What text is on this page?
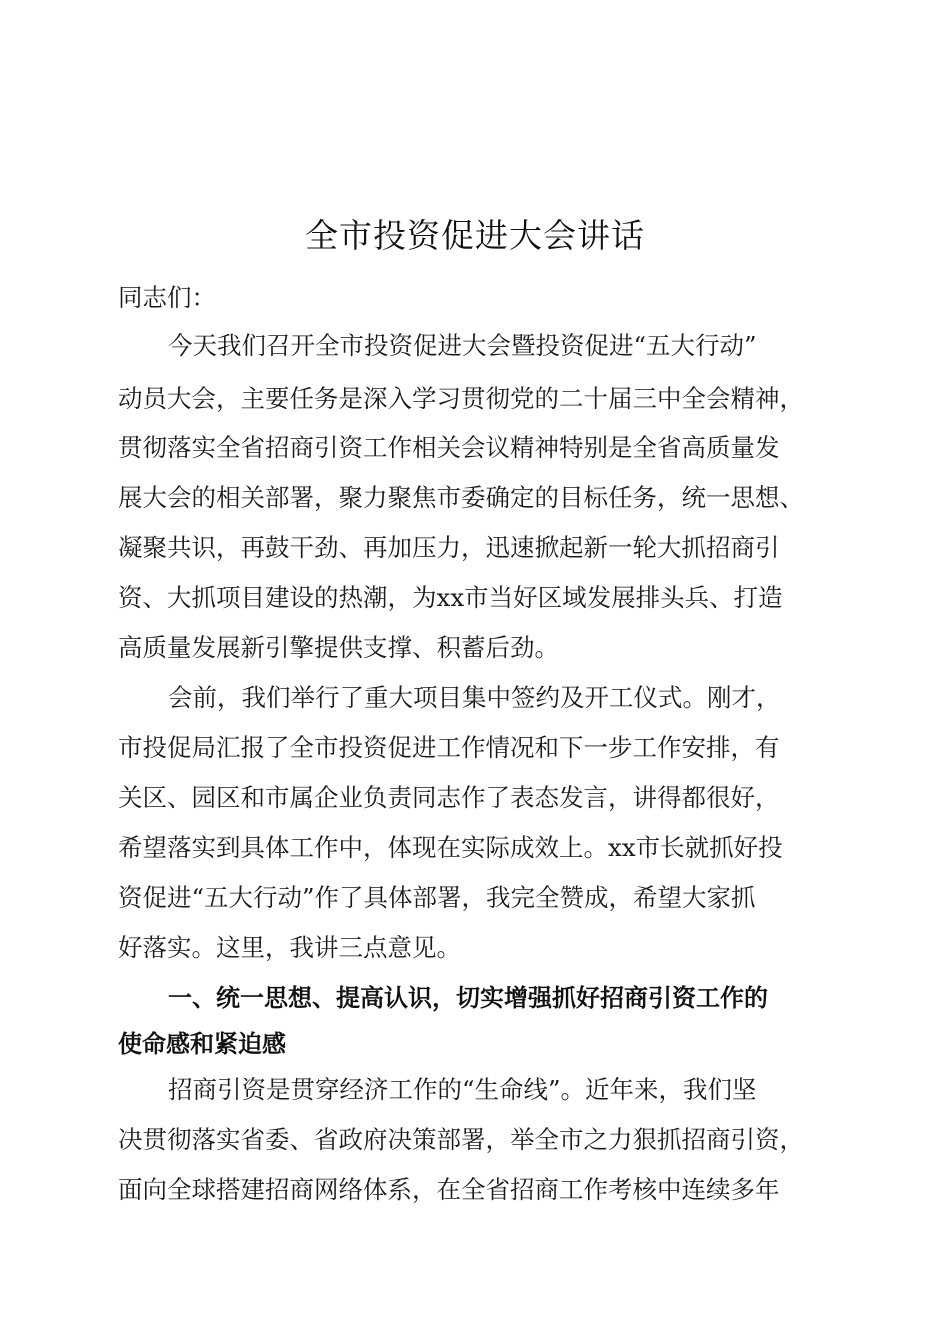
全市投资促进大会讲话
同志们：
今天我们召开全市投资促进大会暨投资促进“五大行动”
动员大会，主要任务是深入学习贯彻党的二十届三中全会精神，
贯彻落实全省招商引资工作相关会议精神特别是全省高质量发
展大会的相关部署，聚力聚焦市委确定的目标任务，统一思想、
凝聚共识，再鼓干劲、再加压力，迅速掀起新一轮大抓招商引
资、大抓项目建设的热潮，为xx市当好区域发展排头兵、打造
高质量发展新引擎提供支撑、积蓄后劲。
会前，我们举行了重大项目集中签约及开工仪式。刚才，
市投促局汇报了全市投资促进工作情况和下一步工作安排，有
关区、园区和市属企业负责同志作了表态发言，讲得都很好，
希望落实到具体工作中，体现在实际成效上。xx市长就抓好投
资促进“五大行动”作了具体部署，我完全赞成，希望大家抓
好落实。这里，我讲三点意见。
一、统一思想、提高认识，切实增强抓好招商引资工作的
使命感和紧迫感
招商引资是贯穿经济工作的“生命线”。近年来，我们坚
决贯彻落实省委、省政府决策部署，举全市之力狠抓招商引资，
面向全球搭建招商网络体系，在全省招商工作考核中连续多年
